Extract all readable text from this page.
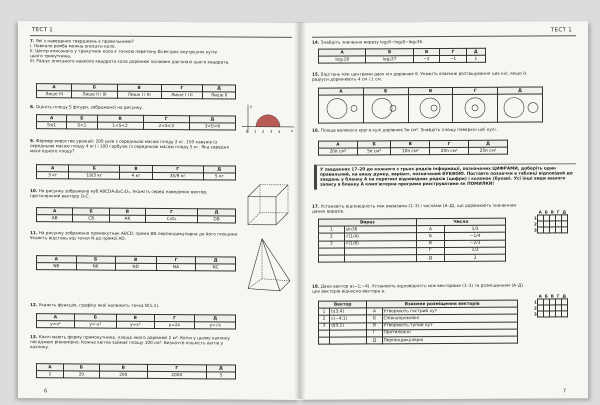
ТЕСТ 1
7. Які з наведених тверджень є правильними?
I. Навколо ромба можна описати коло.
II. Центр вписаного у трикутник кола є точкою перетину бісектрис внутрішніх кутів цього трикутника.
III. Радіус описаного навколо квадрата кола дорівнює половині діагоналі цього квадрата.
А	Б	В	Г	Д
Лише III	Лише II і III	Лише I і III	Лише I і II	Лише II
8. Оцініть площу S фігури, зображеної на рисунку.
А	Б	В	Г	Д
S≤1	S<1	1<S<2	2<S<3	3<S<6
0 1 2 3 4	x
y
9. Фермер виростив урожай: 200 днів з середньою масою плоду 2 кг, 150 кавунів (з середньою масою плоду 4 кг) і 100 гарбузів (з середньою масою плоду 5 кг. Яка середня маса одного плоду?
А	Б	В	Г	Д
3 кг	19/3 кг	4 кг	35/9 кг	5 кг
10. На рисунку зображено куб ABCDA₁B₁C₁D₁. Укажіть серед наведених вектор, протилежний вектору D₁C̄.
А	Б	В	Г	Д
AB	CB	AK	C₁D₁	DB
11. На рисунку зображено прямокутник ABCD, пряма BN перпендикулярна до його площини. Укажіть відстань від точки N до прямої AD.
А	Б	В	Г	Д
NB	NK	ND	NA	NC
12. Укажіть функцію, графіку якої належить точка N(1;1).
А	Б	В	Г	Д
y=x²	y=-x²	y=x³	y=2x	y=√x
13. Кахлі мають форму прямокутника, площа якого дорівнює 2 м². Квіти у цьому кахлику посаджені рівномірно. Кожна квітка займає площу 100 см². Визначте кількість квітів у кахлику.
А	Б	В	Г	Д
2	20	200	2000	5
6
ТЕСТ 1
14. Знайдіть значення виразу log₂6−log₂8−log₂36.
А	Б	В	Г	Д
log₂18	log₂27	−2	−1	1
15. Відстань між центрами двох кіл дорівнює 6. Укажіть взаємне розташування цих кіл, якщо їх радіуси дорівнюють 4 см і 1 см.
А	Б	В	Г	Д

16. Площа великого круга кулі дорівнює 5π см². Знайдіть площу поверхні цієї кулі.
А	Б	В	Г	Д
20π см²	5π см²	10π см²	20π см²	25π см²
У завданнях 17–20 до кожного з трьох рядків інформації, позначених ЦИФРАМИ, доберіть один правильний, на вашу думку, варіант, позначений БУКВОЮ. Поставте позначки в таблиці відповідей до завдань у бланку А на перетині відповідних рядків (цифри) і колонок (букви). Усі інші види вашого запису в бланку А комп'ютерна програма реєструватиме як ПОМИЛКИ!
17. Установіть відповідність між виразами (1–3) і числами (А–Д), що дорівнюють значенням даних виразів.
Вираз		Число	
1	sin36	А	1/2
2	√(1/4)	Б	−1/4
3	∛(1/8)	В	−2/3
		Г	1/2
		Д	2
	А	Б	В	Г	Д
1					
2					
3					
18. Дано вектор a(−1;−4). Установіть відповідність між векторами (1–3) та розміщенням (А–Д) цих векторів відносно вектора a.
Вектор		Взаємне розміщення векторів	
1	b(3;4)	А	Утворюють гострий кут
2	c(−4;1)	Б	Співнапрямлені
3	d(0;1)	В	Утворюють тупий кут
		Г	Протилежні
		Д	Перпендикулярні
	А	Б	В	Г	Д
1					
2					
3					
7
